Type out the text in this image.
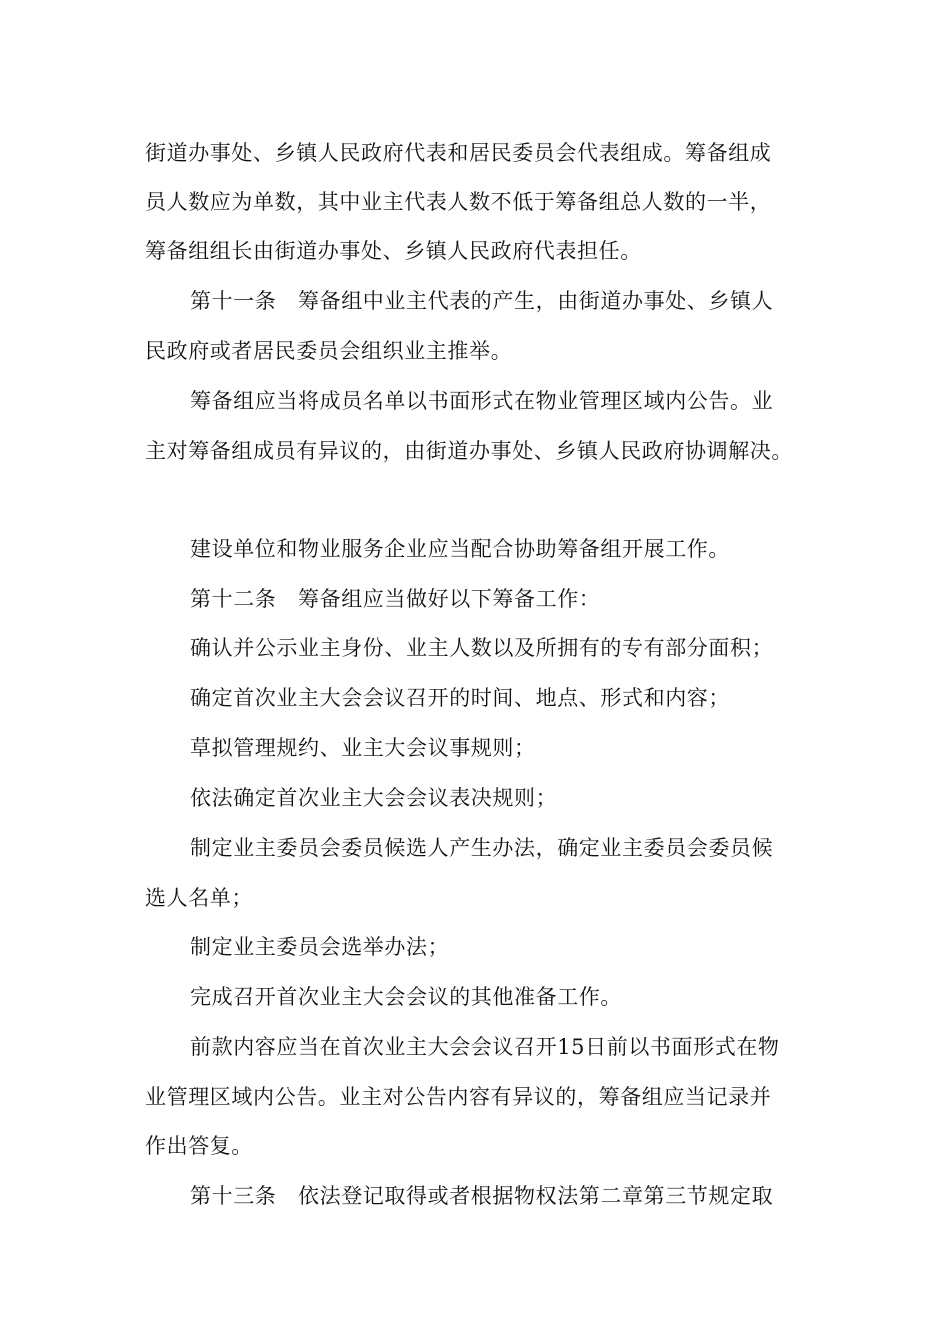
街道办事处、乡镇人民政府代表和居民委员会代表组成。筹备组成
员人数应为单数，其中业主代表人数不低于筹备组总人数的一半，
筹备组组长由街道办事处、乡镇人民政府代表担任。
第十一条　筹备组中业主代表的产生，由街道办事处、乡镇人
民政府或者居民委员会组织业主推举。
筹备组应当将成员名单以书面形式在物业管理区域内公告。业
主对筹备组成员有异议的，由街道办事处、乡镇人民政府协调解决。
建设单位和物业服务企业应当配合协助筹备组开展工作。
第十二条　筹备组应当做好以下筹备工作：
确认并公示业主身份、业主人数以及所拥有的专有部分面积；
确定首次业主大会会议召开的时间、地点、形式和内容；
草拟管理规约、业主大会议事规则；
依法确定首次业主大会会议表决规则；
制定业主委员会委员候选人产生办法，确定业主委员会委员候
选人名单；
制定业主委员会选举办法；
完成召开首次业主大会会议的其他准备工作。
前款内容应当在首次业主大会会议召开15日前以书面形式在物
业管理区域内公告。业主对公告内容有异议的，筹备组应当记录并
作出答复。
第十三条　依法登记取得或者根据物权法第二章第三节规定取
